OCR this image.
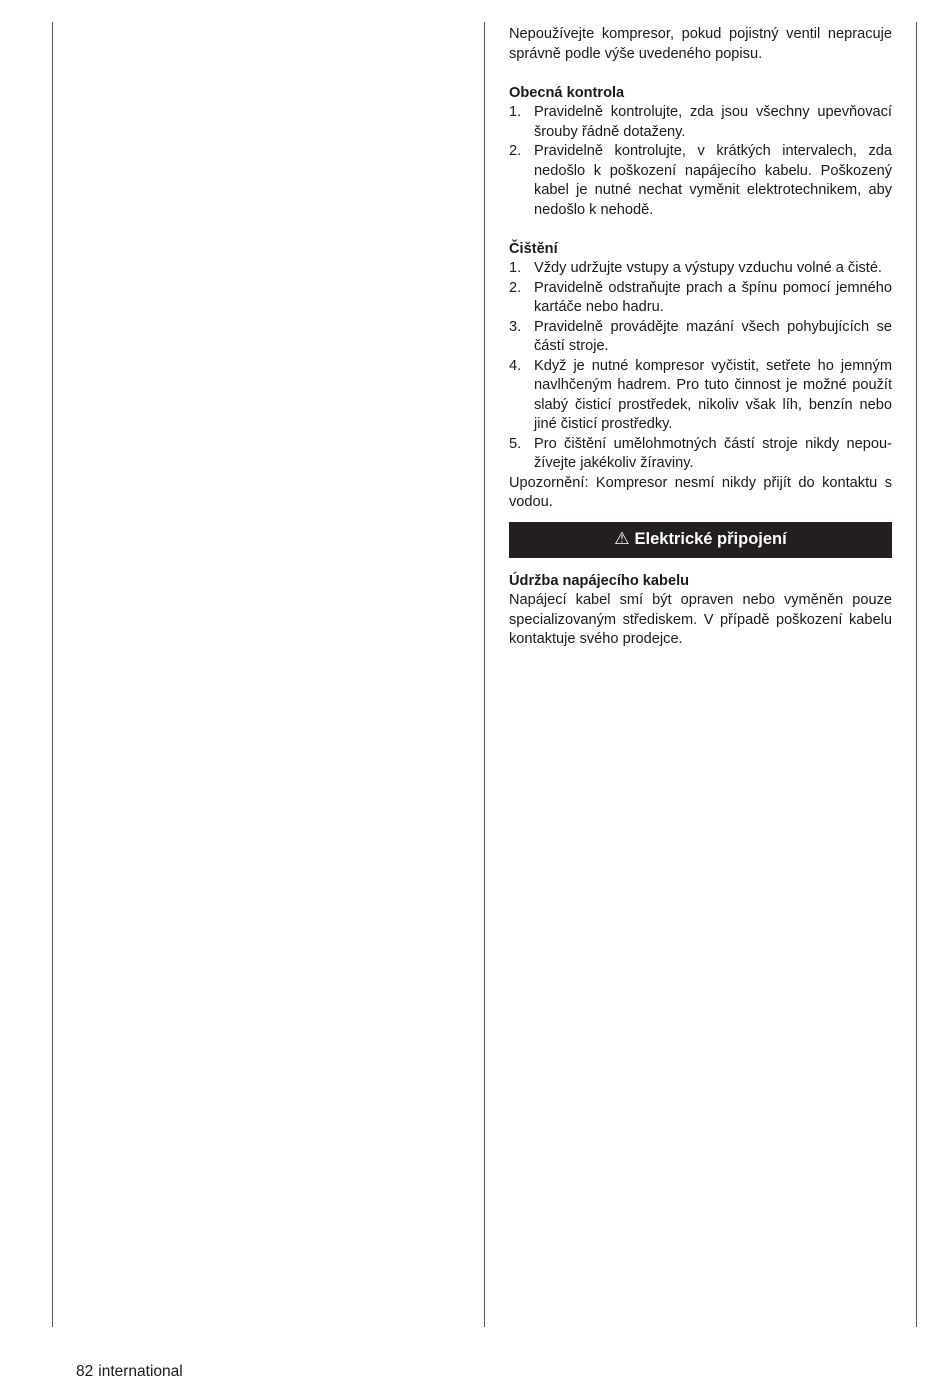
Nepoužívejte kompresor, pokud pojistný ventil nepracuje správně podle výše uvedeného popisu.

Obecná kontrola
1. Pravidelně kontrolujte, zda jsou všechny upevňovací šrouby řádně dotaženy.
2. Pravidelně kontrolujte, v krátkých intervalech, zda nedošlo k poškození napájecího kabelu. Poškozený kabel je nutné nechat vyměnit elektrotechnikem, aby nedošlo k nehodě.
Čištění
1. Vždy udržujte vstupy a výstupy vzduchu volné a čisté.
2. Pravidelně odstraňujte prach a špínu pomocí jemného kartáče nebo hadru.
3. Pravidelně provádějte mazání všech pohybujících se částí stroje.
4. Když je nutné kompresor vyčistit, setřete ho jemným navlhčeným hadrem. Pro tuto činnost je možné použít slabý čisticí prostředek, nikoliv však líh, benzín nebo jiné čisticí prostředky.
5. Pro čištění umělohmotných částí stroje nikdy nepoužívejte jakékoliv žíraviny.

Upozornění: Kompresor nesmí nikdy přijít do kontaktu s vodou.

⚠ Elektrické připojení
Údržba napájecího kabelu

Napájecí kabel smí být opraven nebo vyměněn pouze specializovaným střediskem. V případě poškození kabelu kontaktuje svého prodejce.

82 international
